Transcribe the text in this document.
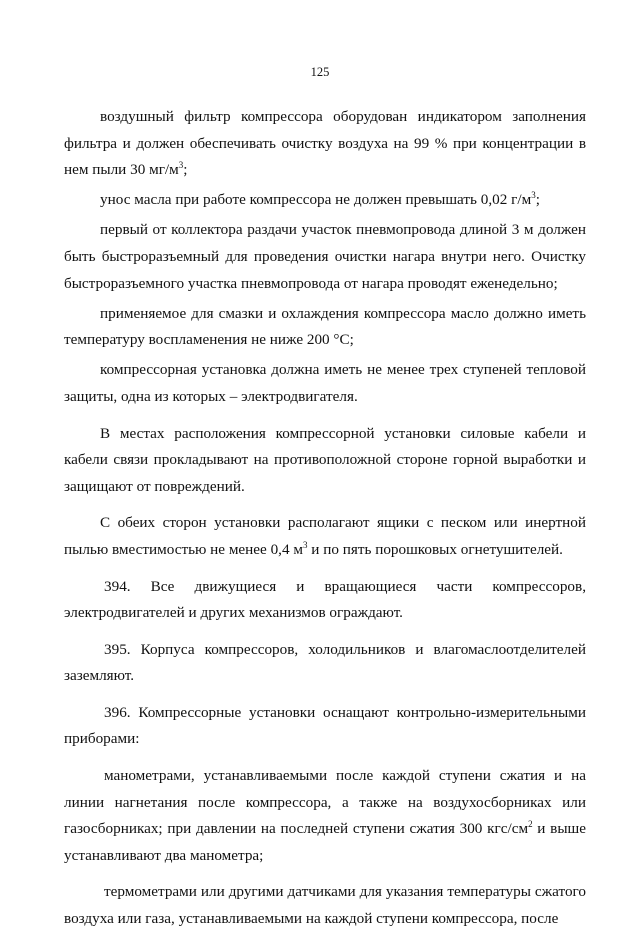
125

воздушный фильтр компрессора оборудован индикатором заполнения фильтра и должен обеспечивать очистку воздуха на 99 % при концентрации в нем пыли 30 $мг/м^3$;

унос масла при работе компрессора не должен превышать 0,02 $г/м^3$;

первый от коллектора раздачи участок пневмопровода длиной 3 м должен быть быстроразъемный для проведения очистки нагара внутри него. Очистку быстроразъемного участка пневмопровода от нагара проводят еженедельно;

применяемое для смазки и охлаждения компрессора масло должно иметь температуру воспламенения не ниже 200 °C;

компрессорная установка должна иметь не менее трех ступеней тепловой защиты, одна из которых – электродвигателя.

В местах расположения компрессорной установки силовые кабели и кабели связи прокладывают на противоположной стороне горной выработки и защищают от повреждений.

С обеих сторон установки располагают ящики с песком или инертной пылью вместимостью не менее 0,4 $м^3$ и по пять порошковых огнетушителей.

394. Все движущиеся и вращающиеся части компрессоров, электродвигателей и других механизмов ограждают.

395. Корпуса компрессоров, холодильников и влагомаслоотделителей заземляют.

396. Компрессорные установки оснащают контрольно-измерительными приборами:

манометрами, устанавливаемыми после каждой ступени сжатия и на линии нагнетания после компрессора, а также на воздухосборниках или газосборниках; при давлении на последней ступени сжатия 300 кгс/$см^2$ и выше устанавливают два манометра;

термометрами или другими датчиками для указания температуры сжатого воздуха или газа, устанавливаемыми на каждой ступени компрессора, после
